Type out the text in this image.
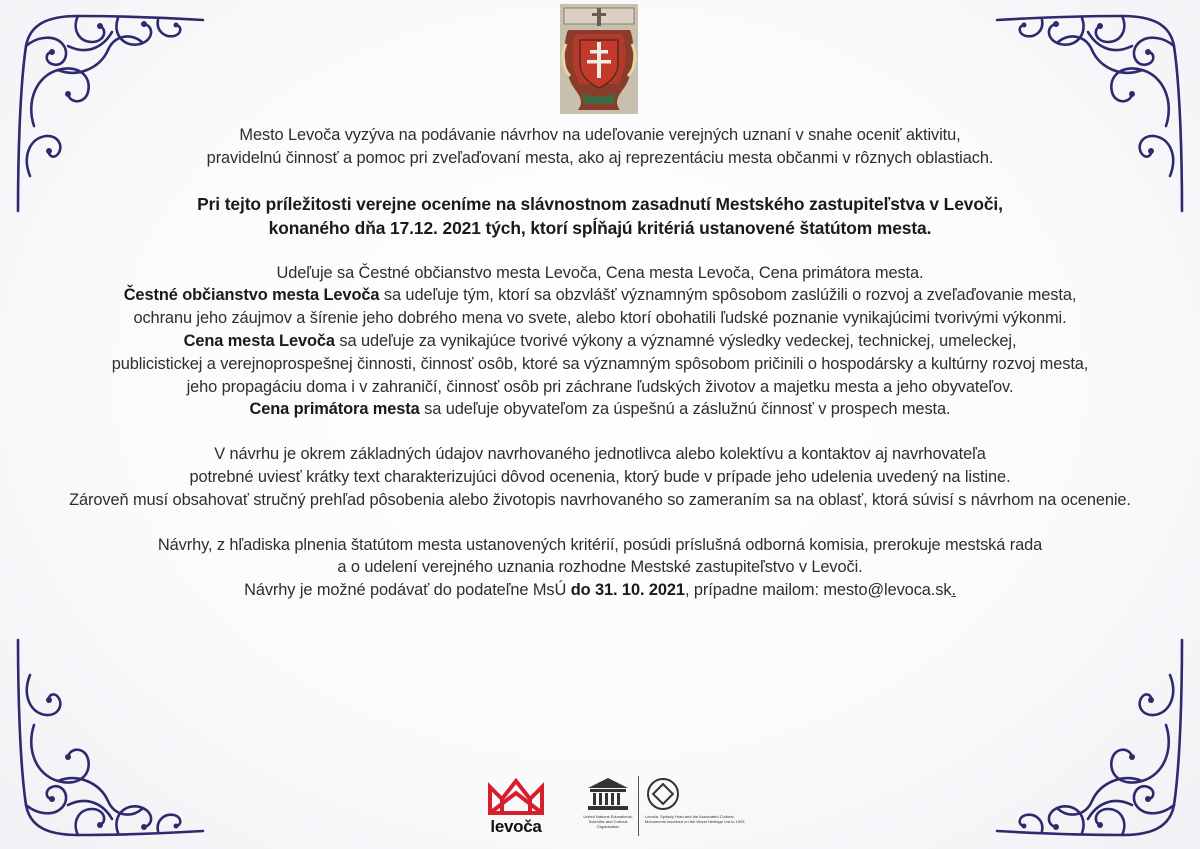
Mesto Levoča vyzýva na podávanie návrhov na udeľovanie verejných uznaní v snahe oceniť aktivitu,

pravidelnú činnosť a pomoc pri zveľaďovaní mesta, ako aj reprezentáciu mesta občanmi v rôznych oblastiach.

Pri tejto príležitosti verejne oceníme na slávnostnom zasadnutí Mestského zastupiteľstva v Levoči,

konaného dňa 17.12. 2021 tých, ktorí spĺňajú kritériá ustanovené štatútom mesta.

Udeľuje sa Čestné občianstvo mesta Levoča, Cena mesta Levoča, Cena primátora mesta.

Čestné občianstvo mesta Levoča sa udeľuje tým, ktorí sa obzvlášť významným spôsobom zaslúžili o rozvoj a zveľaďovanie mesta,

ochranu jeho záujmov a šírenie jeho dobrého mena vo svete, alebo ktorí obohatili ľudské poznanie vynikajúcimi tvorivými výkonmi.

Cena mesta Levoča sa udeľuje za vynikajúce tvorivé výkony a významné výsledky vedeckej, technickej, umeleckej,

publicistickej a verejnoprospešnej činnosti, činnosť osôb, ktoré sa významným spôsobom pričinili o hospodársky a kultúrny rozvoj mesta,

jeho propagáciu doma i v zahraničí, činnosť osôb pri záchrane ľudských životov a majetku mesta a jeho obyvateľov.

Cena primátora mesta sa udeľuje obyvateľom za úspešnú a záslužnú činnosť v prospech mesta.

V návrhu je okrem základných údajov navrhovaného jednotlivca alebo kolektívu a kontaktov aj navrhovateľa

potrebné uviesť krátky text charakterizujúci dôvod ocenenia, ktorý bude v prípade jeho udelenia uvedený na listine.

Zároveň musí obsahovať stručný prehľad pôsobenia alebo životopis navrhovaného so zameraním sa na oblasť, ktorá súvisí s návrhom na ocenenie.

Návrhy, z hľadiska plnenia štatútom mesta ustanovených kritérií, posúdi príslušná odborná komisia, prerokuje mestská rada

a o udelení verejného uznania rozhodne Mestské zastupiteľstvo v Levoči.

Návrhy je možné podávať do podateľne MsÚ do 31. 10. 2021, prípadne mailom: mesto@levoca.sk.

levoča
United Nations Educational, Scientific and Cultural Organization
Levoča, Spišský Hrad and the Associated Cultural Monuments inscribed on the World Heritage List in 1993
